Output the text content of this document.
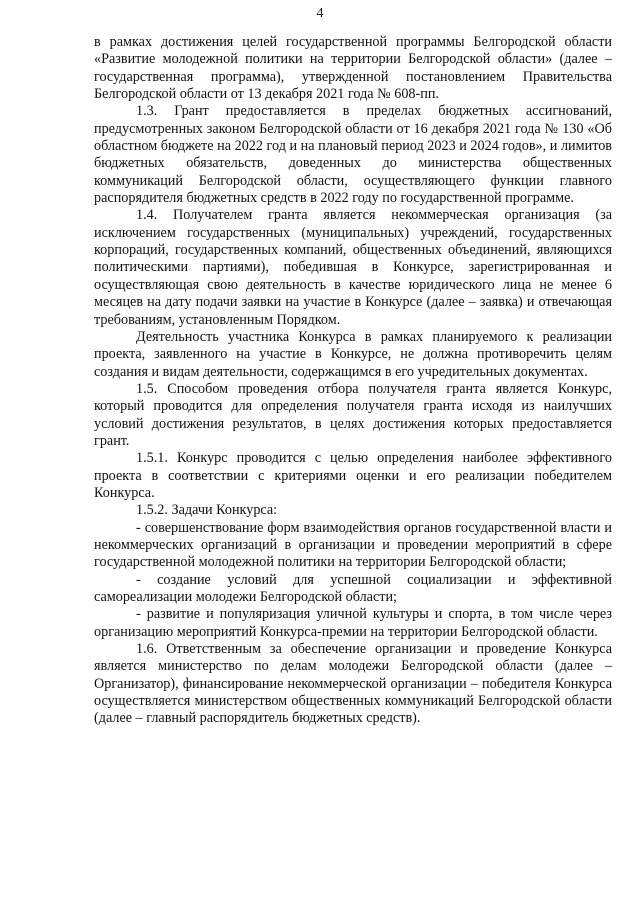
4

в рамках достижения целей государственной программы Белгородской области «Развитие молодежной политики на территории Белгородской области» (далее – государственная программа), утвержденной постановлением Правительства Белгородской области от 13 декабря 2021 года № 608-пп.

1.3. Грант предоставляется в пределах бюджетных ассигнований, предусмотренных законом Белгородской области от 16 декабря 2021 года № 130 «Об областном бюджете на 2022 год и на плановый период 2023 и 2024 годов», и лимитов бюджетных обязательств, доведенных до министерства общественных коммуникаций Белгородской области, осуществляющего функции главного распорядителя бюджетных средств в 2022 году по государственной программе.

1.4. Получателем гранта является некоммерческая организация (за исключением государственных (муниципальных) учреждений, государственных корпораций, государственных компаний, общественных объединений, являющихся политическими партиями), победившая в Конкурсе, зарегистрированная и осуществляющая свою деятельность в качестве юридического лица не менее 6 месяцев на дату подачи заявки на участие в Конкурсе (далее – заявка) и отвечающая требованиям, установленным Порядком.

Деятельность участника Конкурса в рамках планируемого к реализации проекта, заявленного на участие в Конкурсе, не должна противоречить целям создания и видам деятельности, содержащимся в его учредительных документах.

1.5. Способом проведения отбора получателя гранта является Конкурс, который проводится для определения получателя гранта исходя из наилучших условий достижения результатов, в целях достижения которых предоставляется грант.

1.5.1. Конкурс проводится с целью определения наиболее эффективного проекта в соответствии с критериями оценки и его реализации победителем Конкурса.

1.5.2. Задачи Конкурса:

- совершенствование форм взаимодействия органов государственной власти и некоммерческих организаций в организации и проведении мероприятий в сфере государственной молодежной политики на территории Белгородской области;

- создание условий для успешной социализации и эффективной самореализации молодежи Белгородской области;

- развитие и популяризация уличной культуры и спорта, в том числе через организацию мероприятий Конкурса-премии на территории Белгородской области.

1.6. Ответственным за обеспечение организации и проведение Конкурса является министерство по делам молодежи Белгородской области (далее – Организатор), финансирование некоммерческой организации – победителя Конкурса осуществляется министерством общественных коммуникаций Белгородской области (далее – главный распорядитель бюджетных средств).
